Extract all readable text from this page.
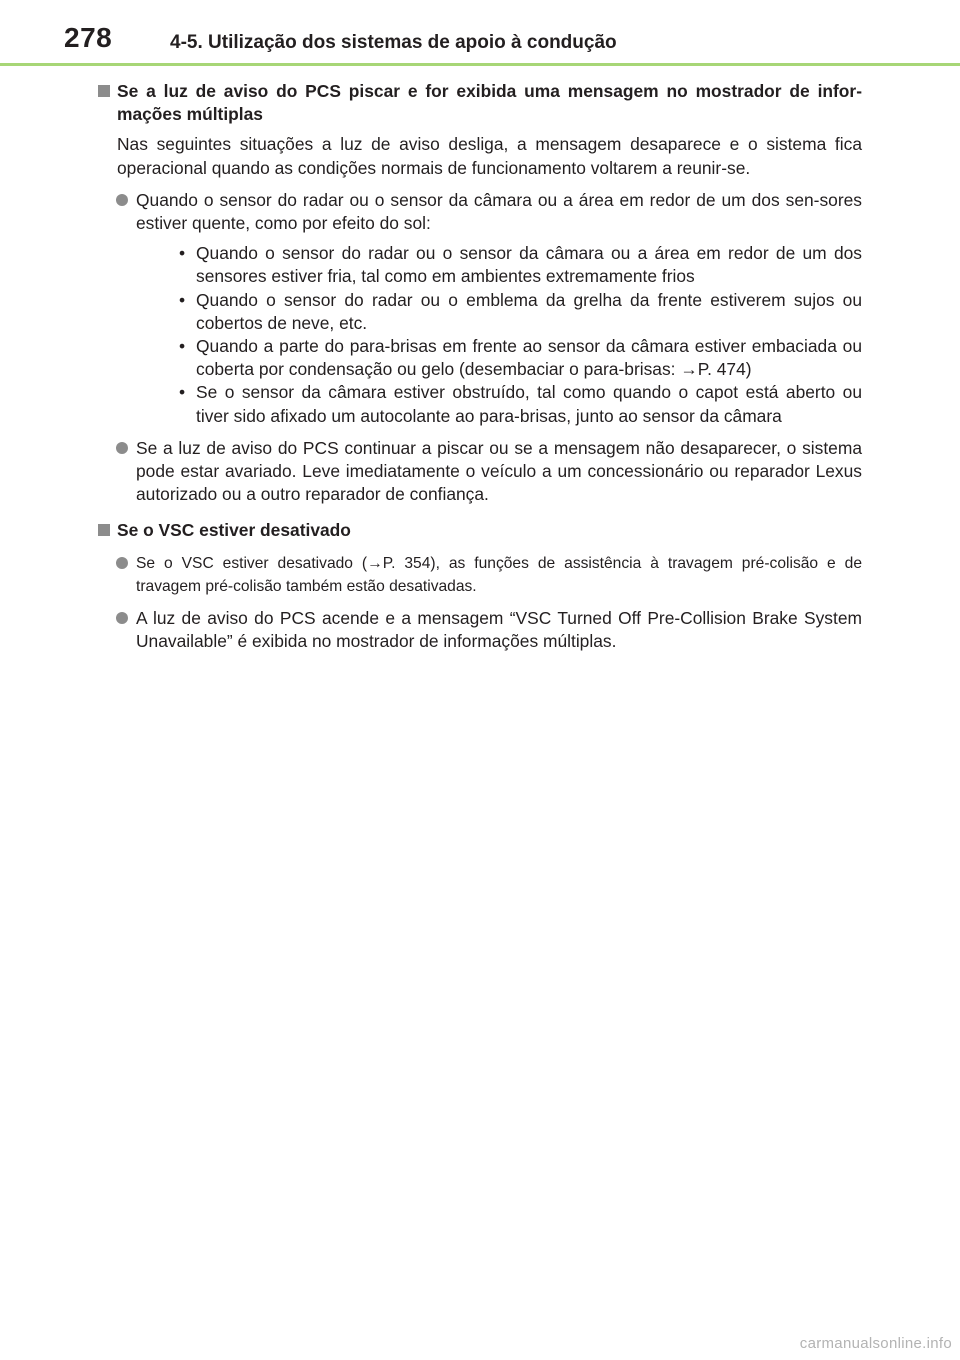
278	4-5. Utilização dos sistemas de apoio à condução
Se a luz de aviso do PCS piscar e for exibida uma mensagem no mostrador de infor-mações múltiplas
Nas seguintes situações a luz de aviso desliga, a mensagem desaparece e o sistema fica operacional quando as condições normais de funcionamento voltarem a reunir-se.
Quando o sensor do radar ou o sensor da câmara ou a área em redor de um dos sen-sores estiver quente, como por efeito do sol:
• Quando o sensor do radar ou o sensor da câmara ou a área em redor de um dos sensores estiver fria, tal como em ambientes extremamente frios
• Quando o sensor do radar ou o emblema da grelha da frente estiverem sujos ou cobertos de neve, etc.
• Quando a parte do para-brisas em frente ao sensor da câmara estiver embaciada ou coberta por condensação ou gelo (desembaciar o para-brisas: →P. 474)
• Se o sensor da câmara estiver obstruído, tal como quando o capot está aberto ou tiver sido afixado um autocolante ao para-brisas, junto ao sensor da câmara
Se a luz de aviso do PCS continuar a piscar ou se a mensagem não desaparecer, o sistema pode estar avariado. Leve imediatamente o veículo a um concessionário ou reparador Lexus autorizado ou a outro reparador de confiança.
Se o VSC estiver desativado
Se o VSC estiver desativado (→P. 354), as funções de assistência à travagem pré-colisão e de travagem pré-colisão também estão desativadas.
A luz de aviso do PCS acende e a mensagem “VSC Turned Off Pre-Collision Brake System Unavailable” é exibida no mostrador de informações múltiplas.
carmanualsonline.info
